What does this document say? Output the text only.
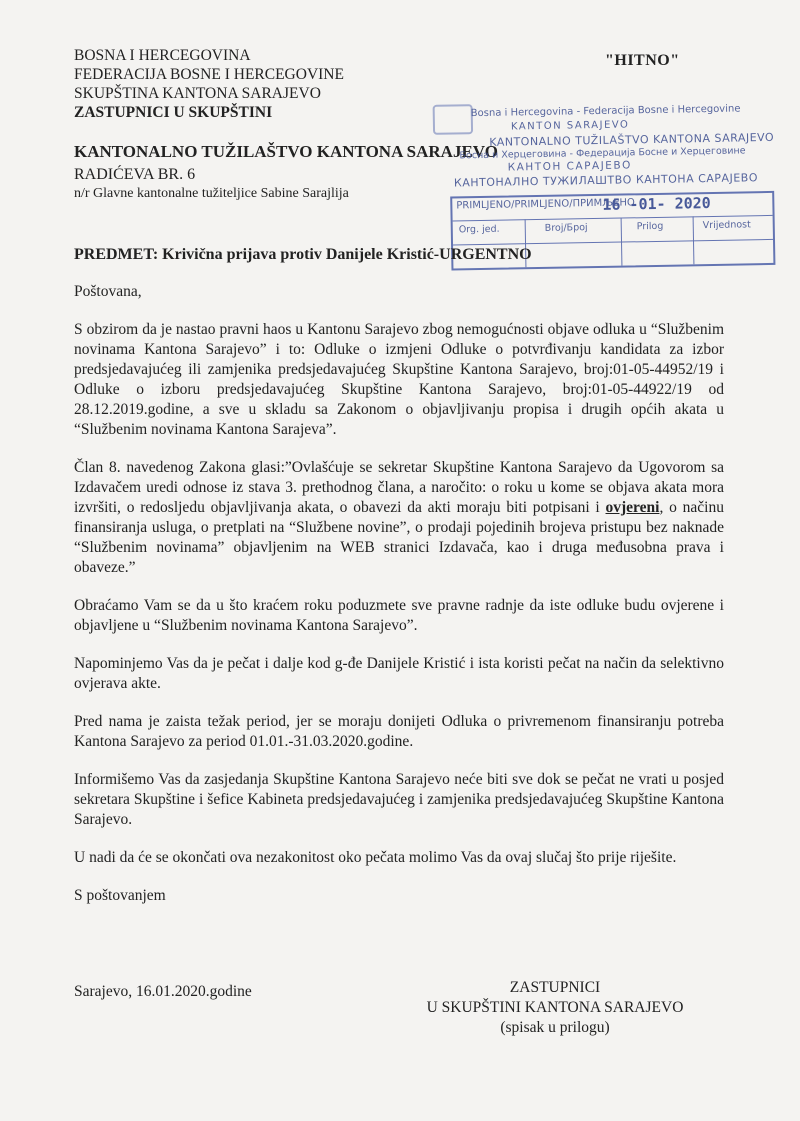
BOSNA I HERCEGOVINA
FEDERACIJA BOSNE I HERCEGOVINE
SKUPŠTINA KANTONA SARAJEVO
ZASTUPNICI U SKUPŠTINI
"HITNO"
KANTONALNO TUŽILAŠTVO KANTONA SARAJEVO
RADIĆEVA BR. 6
n/r Glavne kantonalne tužiteljice Sabine Sarajlija
Bosna i Hercegovina - Federacija Bosne i Hercegovine
KANTON SARAJEVO
KANTONALNO TUŽILAŠTVO KANTONA SARAJEVO
Босна и Херцеговина - Федерација Босне и Херцеговине
КАНТОН САРАЈЕВО
КАНТОНАЛНО ТУЖИЛАШТВО КАНТОНА САРАЈЕВО
PRIMLJENO/PRIMLJENO/ПРИМЉЕНО
16 -01- 2020
Org. jed.	Broj/Број	Prilog	Vrijednost
PREDMET: Krivična prijava protiv Danijele Kristić-URGENTNO

Poštovana,

S obzirom da je nastao pravni haos u Kantonu Sarajevo zbog nemogućnosti objave odluka u “Službenim novinama Kantona Sarajevo” i to: Odluke o izmjeni Odluke o potvrđivanju kandidata za izbor predsjedavajućeg ili zamjenika predsjedavajućeg Skupštine Kantona Sarajevo, broj:01-05-44952/19 i Odluke o izboru predsjedavajućeg Skupštine Kantona Sarajevo, broj:01-05-44922/19 od 28.12.2019.godine, a sve u skladu sa Zakonom o objavljivanju propisa i drugih općih akata u “Službenim novinama Kantona Sarajeva”.

Član 8. navedenog Zakona glasi:”Ovlašćuje se sekretar Skupštine Kantona Sarajevo da Ugovorom sa Izdavačem uredi odnose iz stava 3. prethodnog člana, a naročito: o roku u kome se objava akata mora izvršiti, o redosljedu objavljivanja akata, o obavezi da akti moraju biti potpisani i ovjereni, o načinu finansiranja usluga, o pretplati na “Službene novine”, o prodaji pojedinih brojeva pristupu bez naknade “Službenim novinama” objavljenim na WEB stranici Izdavača, kao i druga međusobna prava i obaveze.”

Obraćamo Vam se da u što kraćem roku poduzmete sve pravne radnje da iste odluke budu ovjerene i objavljene u “Službenim novinama Kantona Sarajevo”.

Napominjemo Vas da je pečat i dalje kod g-đe Danijele Kristić i ista koristi pečat na način da selektivno ovjerava akte.

Pred nama je zaista težak period, jer se moraju donijeti Odluka o privremenom finansiranju potreba Kantona Sarajevo za period 01.01.-31.03.2020.godine.

Informišemo Vas da zasjedanja Skupštine Kantona Sarajevo neće biti sve dok se pečat ne vrati u posjed sekretara Skupštine i šefice Kabineta predsjedavajućeg i zamjenika predsjedavajućeg Skupštine Kantona Sarajevo.

U nadi da će se okončati ova nezakonitost oko pečata molimo Vas da ovaj slučaj što prije riješite.

S poštovanjem

Sarajevo, 16.01.2020.godine	ZASTUPNICI
U SKUPŠTINI KANTONA SARAJEVO
(spisak u prilogu)
